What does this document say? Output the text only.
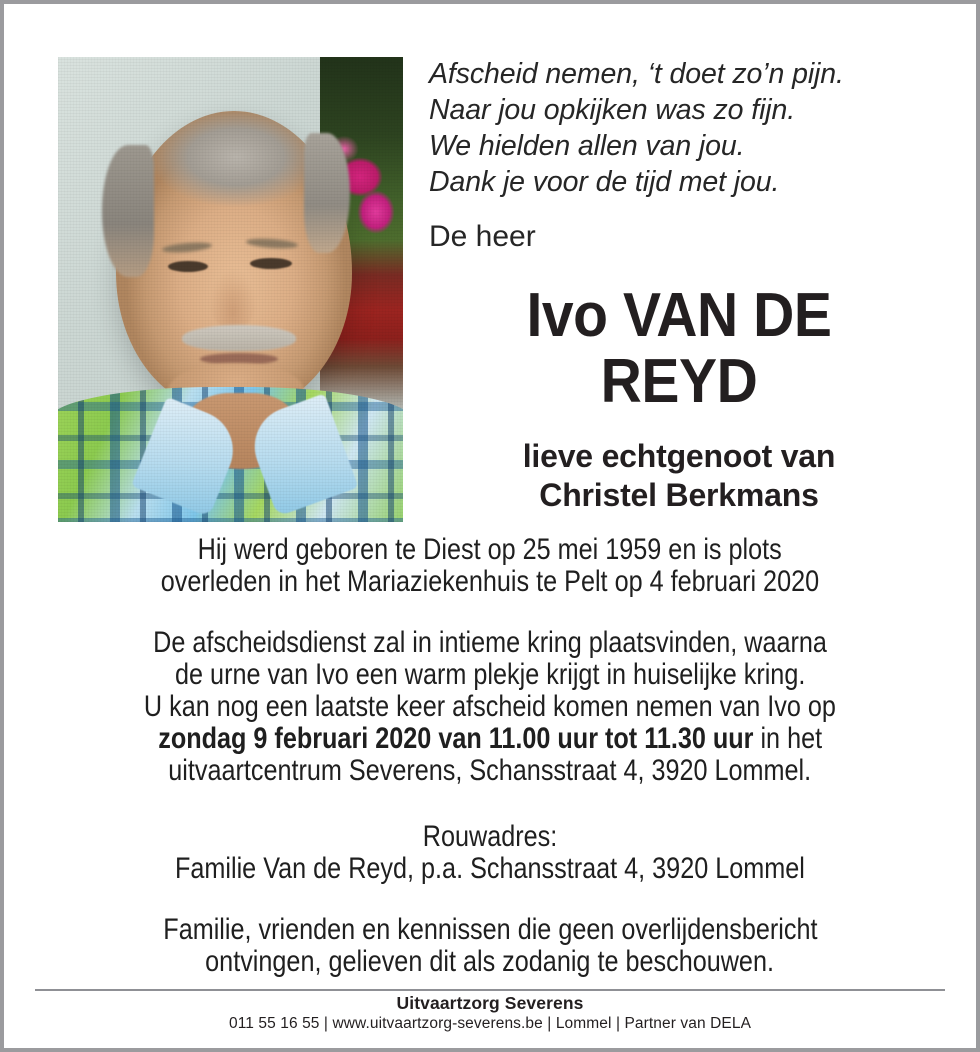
Afscheid nemen, ‘t doet zo’n pijn.
Naar jou opkijken was zo fijn.
We hielden allen van jou.
Dank je voor de tijd met jou.
De heer
Ivo VAN DE REYD
lieve echtgenoot van
Christel Berkmans
Hij werd geboren te Diest op 25 mei 1959 en is plots
overleden in het Mariaziekenhuis te Pelt op 4 februari 2020
De afscheidsdienst zal in intieme kring plaatsvinden, waarna
de urne van Ivo een warm plekje krijgt in huiselijke kring.
U kan nog een laatste keer afscheid komen nemen van Ivo op
zondag 9 februari 2020 van 11.00 uur tot 11.30 uur in het
uitvaartcentrum Severens, Schansstraat 4, 3920 Lommel.
Rouwadres:
Familie Van de Reyd, p.a. Schansstraat 4, 3920 Lommel
Familie, vrienden en kennissen die geen overlijdensbericht
ontvingen, gelieven dit als zodanig te beschouwen.
Uitvaartzorg Severens
011 55 16 55 | www.uitvaartzorg-severens.be | Lommel | Partner van DELA
